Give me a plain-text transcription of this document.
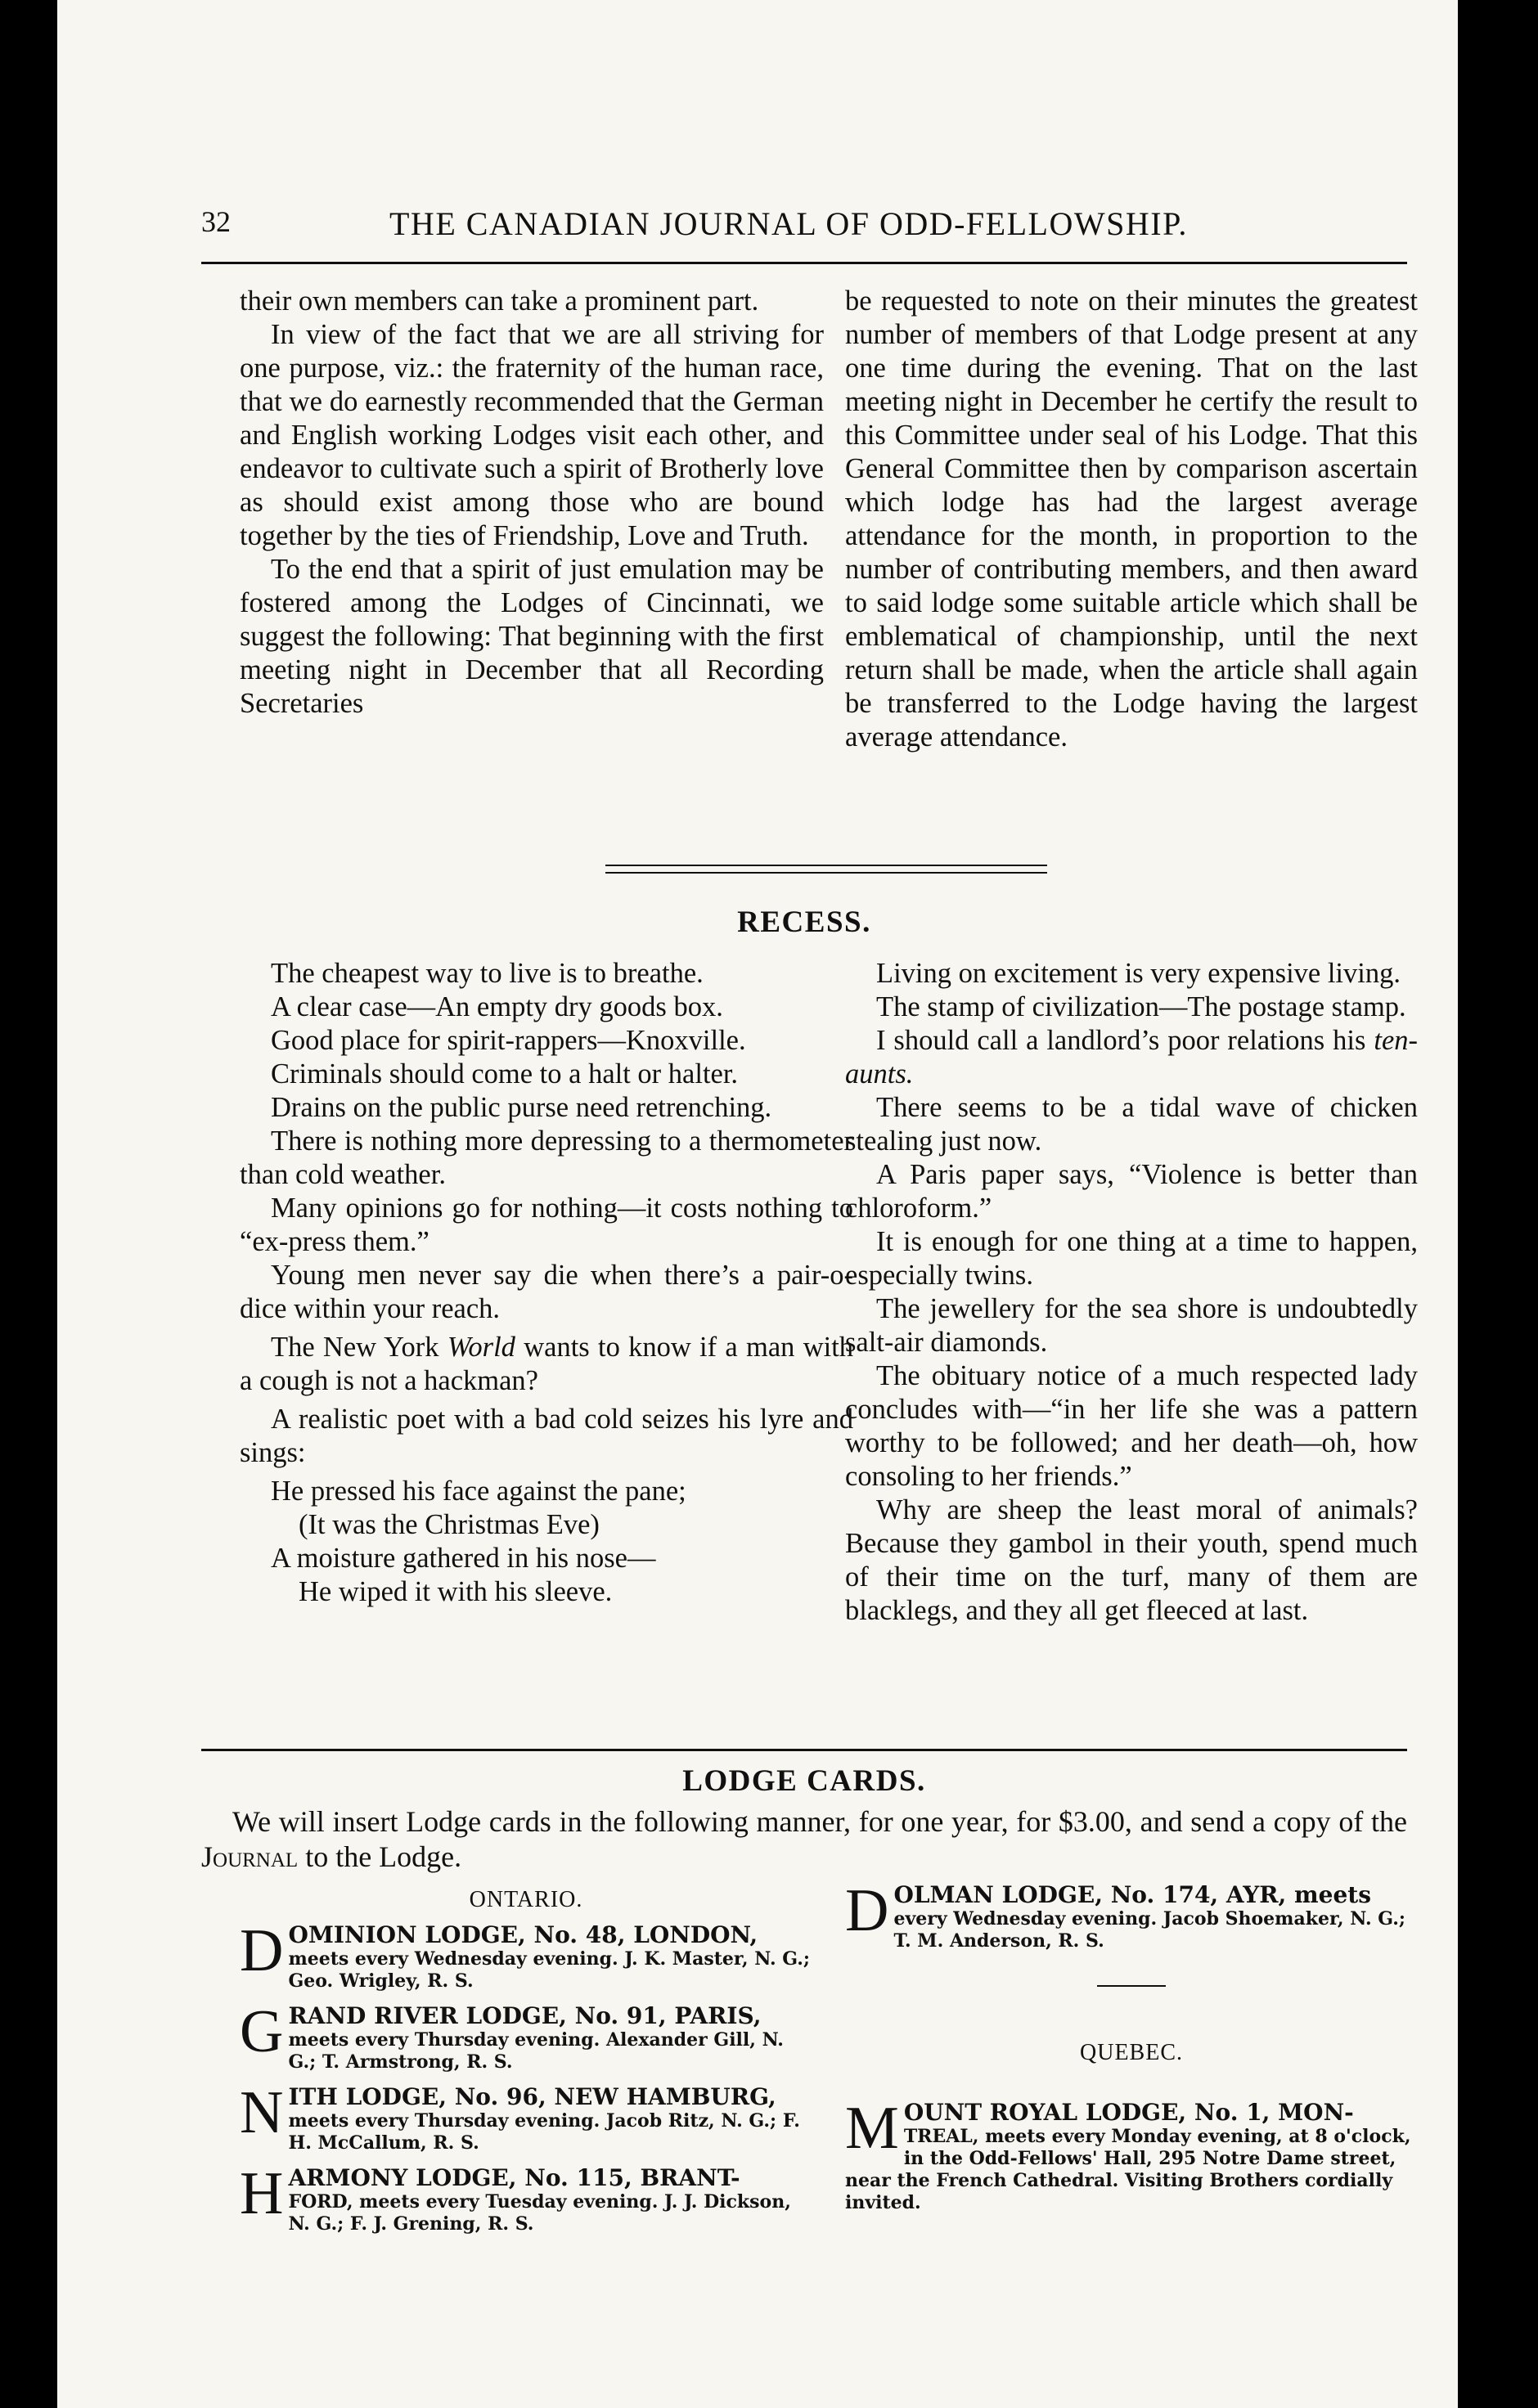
32	THE CANADIAN JOURNAL OF ODD-FELLOWSHIP.

their own members can take a prominent part.

In view of the fact that we are all striving for one purpose, viz.: the fraternity of the human race, that we do earnestly recommended that the German and English working Lodges visit each other, and endeavor to cultivate such a spirit of Brotherly love as should exist among those who are bound together by the ties of Friendship, Love and Truth.

To the end that a spirit of just emulation may be fostered among the Lodges of Cincinnati, we suggest the following: That beginning with the first meeting night in December that all Recording Secretaries

be requested to note on their minutes the greatest number of members of that Lodge present at any one time during the evening. That on the last meeting night in December he certify the result to this Committee under seal of his Lodge. That this General Committee then by comparison ascertain which lodge has had the largest average attendance for the month, in proportion to the number of contributing members, and then award to said lodge some suitable article which shall be emblematical of championship, until the next return shall be made, when the article shall again be transferred to the Lodge having the largest average attendance.

RECESS.

The cheapest way to live is to breathe.

A clear case—An empty dry goods box.

Good place for spirit-rappers—Knoxville.

Criminals should come to a halt or halter.

Drains on the public purse need retrenching.

There is nothing more depressing to a thermometer than cold weather.

Many opinions go for nothing—it costs nothing to “ex-press them.”

Young men never say die when there’s a pair-o-dice within your reach.

The New York World wants to know if a man with a cough is not a hackman?

A realistic poet with a bad cold seizes his lyre and sings:

He pressed his face against the pane;

(It was the Christmas Eve)

A moisture gathered in his nose—

He wiped it with his sleeve.

Living on excitement is very expensive living.

The stamp of civilization—The postage stamp.

I should call a landlord’s poor relations his ten-aunts.

There seems to be a tidal wave of chicken stealing just now.

A Paris paper says, “Violence is better than chloroform.”

It is enough for one thing at a time to happen, especially twins.

The jewellery for the sea shore is undoubtedly salt-air diamonds.

The obituary notice of a much respected lady concludes with—“in her life she was a pattern worthy to be followed; and her death—oh, how consoling to her friends.”

Why are sheep the least moral of animals? Because they gambol in their youth, spend much of their time on the turf, many of them are blacklegs, and they all get fleeced at last.

LODGE CARDS.
We will insert Lodge cards in the following manner, for one year, for $3.00, and send a copy of the Journal to the Lodge.
ONTARIO.
D OMINION LODGE, No. 48, LONDON,
meets every Wednesday evening. J. K. Master, N. G.; Geo. Wrigley, R. S.
G RAND RIVER LODGE, No. 91, PARIS,
meets every Thursday evening. Alexander Gill, N. G.; T. Armstrong, R. S.
N ITH LODGE, No. 96, NEW HAMBURG,
meets every Thursday evening. Jacob Ritz, N. G.; F. H. McCallum, R. S.
H ARMONY LODGE, No. 115, BRANT-
FORD, meets every Tuesday evening. J. J. Dickson, N. G.; F. J. Grening, R. S.
D OLMAN LODGE, No. 174, AYR, meets
every Wednesday evening. Jacob Shoemaker, N. G.; T. M. Anderson, R. S.
QUEBEC.
M OUNT ROYAL LODGE, No. 1, MON-
TREAL, meets every Monday evening, at 8 o'clock, in the Odd-Fellows' Hall, 295 Notre Dame street, near the French Cathedral. Visiting Brothers cordially invited.
